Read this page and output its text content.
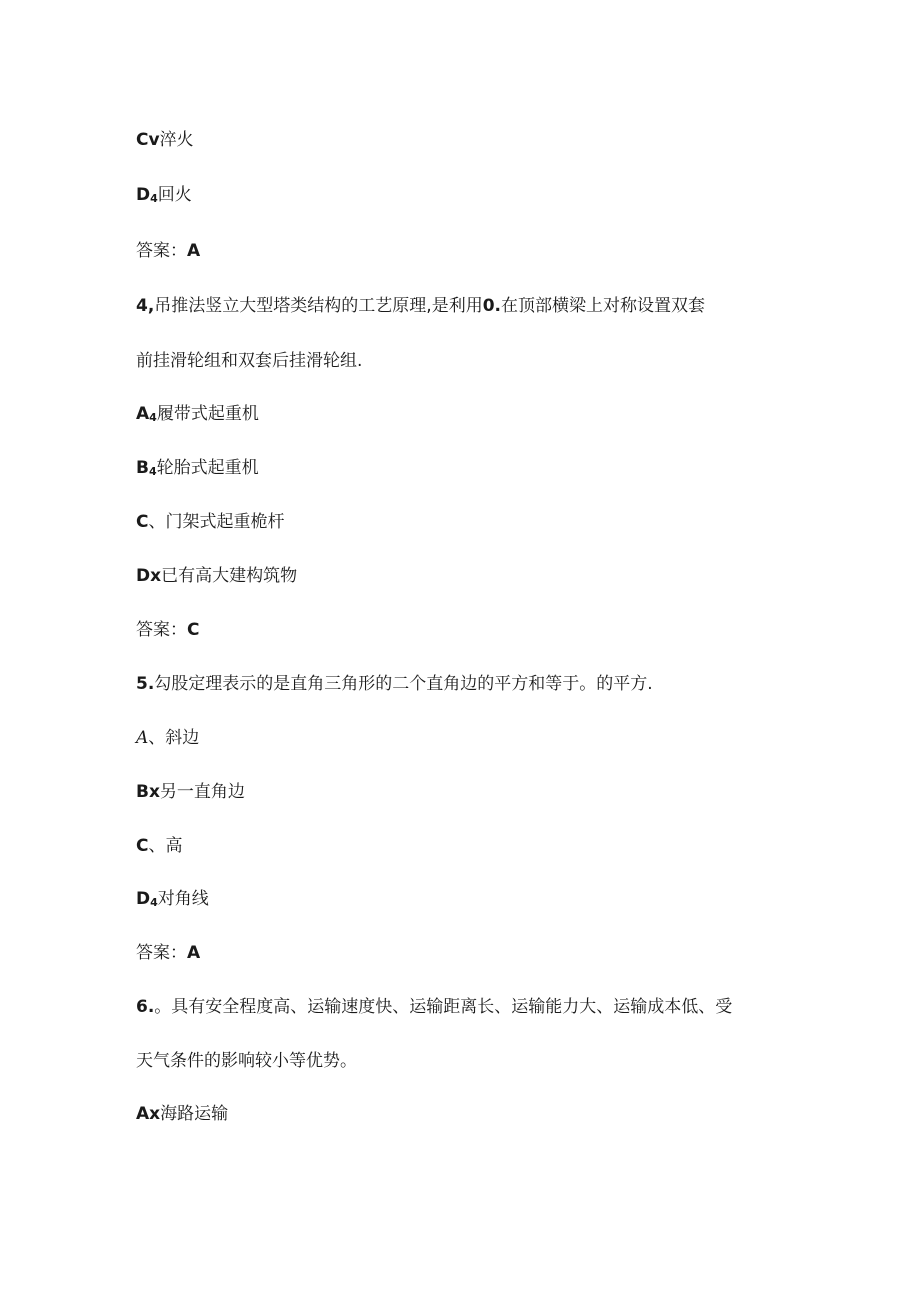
Cv淬火
D4回火
答案：A
4,吊推法竖立大型塔类结构的工艺原理,是利用0.在顶部横梁上对称设置双套
前挂滑轮组和双套后挂滑轮组.
A4履带式起重机
B4轮胎式起重机
C、门架式起重桅杆
Dx已有高大建构筑物
答案：C
5.勾股定理表示的是直角三角形的二个直角边的平方和等于。的平方.
A、斜边
Bx另一直角边
C、高
D4对角线
答案：A
6.。具有安全程度高、运输速度快、运输距离长、运输能力大、运输成本低、受
天气条件的影响较小等优势。
Ax海路运输
